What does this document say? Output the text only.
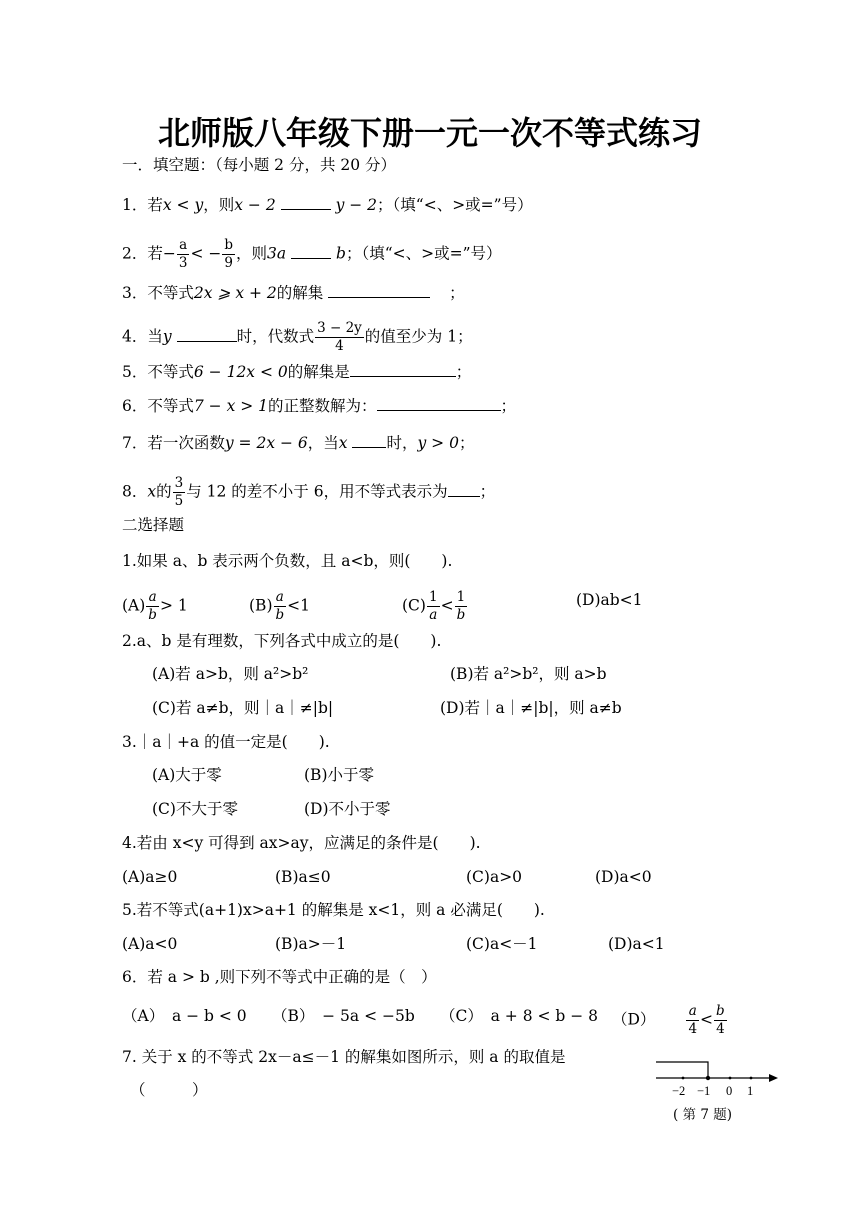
北师版八年级下册一元一次不等式练习
一．填空题：（每小题 2 分，共 20 分）
1．若x < y，则x − 2	y − 2；（填“<、>或=”号）
2．若− $\frac{a}{3}$ < − $\frac{b}{9}$ ，则3a	b；（填“<、>或=”号）
3．不等式2x ⩾ x + 2的解集	；
4．当y	时，代数式 $\frac{3 - 2y}{4}$ 的值至少为 1；
5．不等式6 − 12x < 0的解集是	；
6．不等式7 − x > 1的正整数解为：	；
7．若一次函数y = 2x − 6，当x	时，y > 0；
8．x的 $\frac{3}{5}$ 与 12 的差不小于 6，用不等式表示为 ；
二选择题
1.如果 a、b 表示两个负数，且 a<b，则(　　).
$(A) \frac{a}{b} > 1$	$(B) \frac{a}{b} <1$	$(C) \frac{1}{a} < \frac{1}{b}$	(D)ab<1
2.a、b 是有理数，下列各式中成立的是(　　).
(A)若 a>b，则 a²>b²	(B)若 a²>b²，则 a>b
(C)若 a≠b，则｜a｜≠|b|	(D)若｜a｜≠|b|，则 a≠b
3.｜a｜+a 的值一定是(　　).
(A)大于零	(B)小于零
(C)不大于零	(D)不小于零
4.若由 x<y 可得到 ax>ay，应满足的条件是(　　).
(A)a≥0	(B)a≤0	(C)a>0	(D)a<0
5.若不等式(a+1)x>a+1 的解集是 x<1，则 a 必满足(　　).
(A)a<0	(B)a>－1	(C)a<－1	(D)a<1
6．若 a > b ,则下列不等式中正确的是（　）
（A）　a − b < 0 （B）　− 5a < −5b （C）　a + 8 < b − 8 $(D) \frac{a}{4} < \frac{b}{4}$
7. 关于 x 的不等式 2x－a≤－1 的解集如图所示，则 a 的取值是
（　　　）	−2 −1 0 1
( 第 7 题)
